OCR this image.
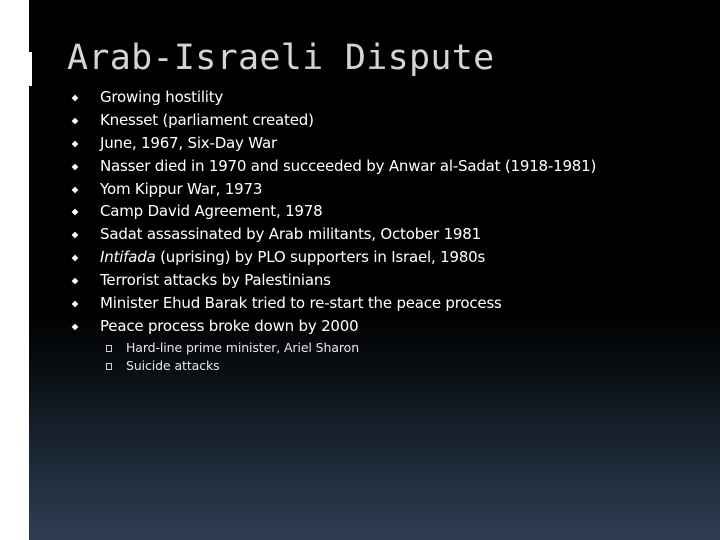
Arab-Israeli Dispute
Growing hostility
Knesset (parliament created)
June, 1967, Six-Day War
Nasser died in 1970 and succeeded by Anwar al-Sadat (1918-1981)
Yom Kippur War, 1973
Camp David Agreement, 1978
Sadat assassinated by Arab militants, October 1981
Intifada (uprising) by PLO supporters in Israel, 1980s
Terrorist attacks by Palestinians
Minister Ehud Barak tried to re-start the peace process
Peace process broke down by 2000
Hard-line prime minister, Ariel Sharon
Suicide attacks
